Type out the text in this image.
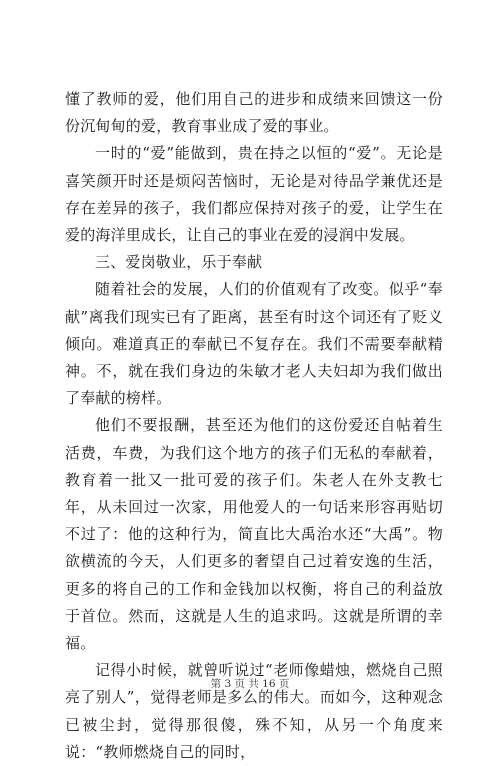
懂了教师的爱，他们用自己的进步和成绩来回馈这一份份沉甸甸的爱，教育事业成了爱的事业。

一时的“爱”能做到，贵在持之以恒的“爱”。无论是喜笑颜开时还是烦闷苦恼时，无论是对待品学兼优还是存在差异的孩子，我们都应保持对孩子的爱，让学生在爱的海洋里成长，让自己的事业在爱的浸润中发展。

三、爱岗敬业，乐于奉献

随着社会的发展，人们的价值观有了改变。似乎“奉献”离我们现实已有了距离，甚至有时这个词还有了贬义倾向。难道真正的奉献已不复存在。我们不需要奉献精神。不，就在我们身边的朱敏才老人夫妇却为我们做出了奉献的榜样。

他们不要报酬，甚至还为他们的这份爱还自帖着生活费，车费，为我们这个地方的孩子们无私的奉献着，教育着一批又一批可爱的孩子们。朱老人在外支教七年，从未回过一次家，用他爱人的一句话来形容再贴切不过了：他的这种行为，简直比大禹治水还“大禹”。物欲横流的今天，人们更多的奢望自己过着安逸的生活，更多的将自己的工作和金钱加以权衡，将自己的利益放于首位。然而，这就是人生的追求吗。这就是所谓的幸福。

记得小时候，就曾听说过“老师像蜡烛，燃烧自己照亮了别人”，觉得老师是多么的伟大。而如今，这种观念已被尘封，觉得那很傻，殊不知，从另一个角度来说：“教师燃烧自己的同时，

第 3 页 共 16 页
